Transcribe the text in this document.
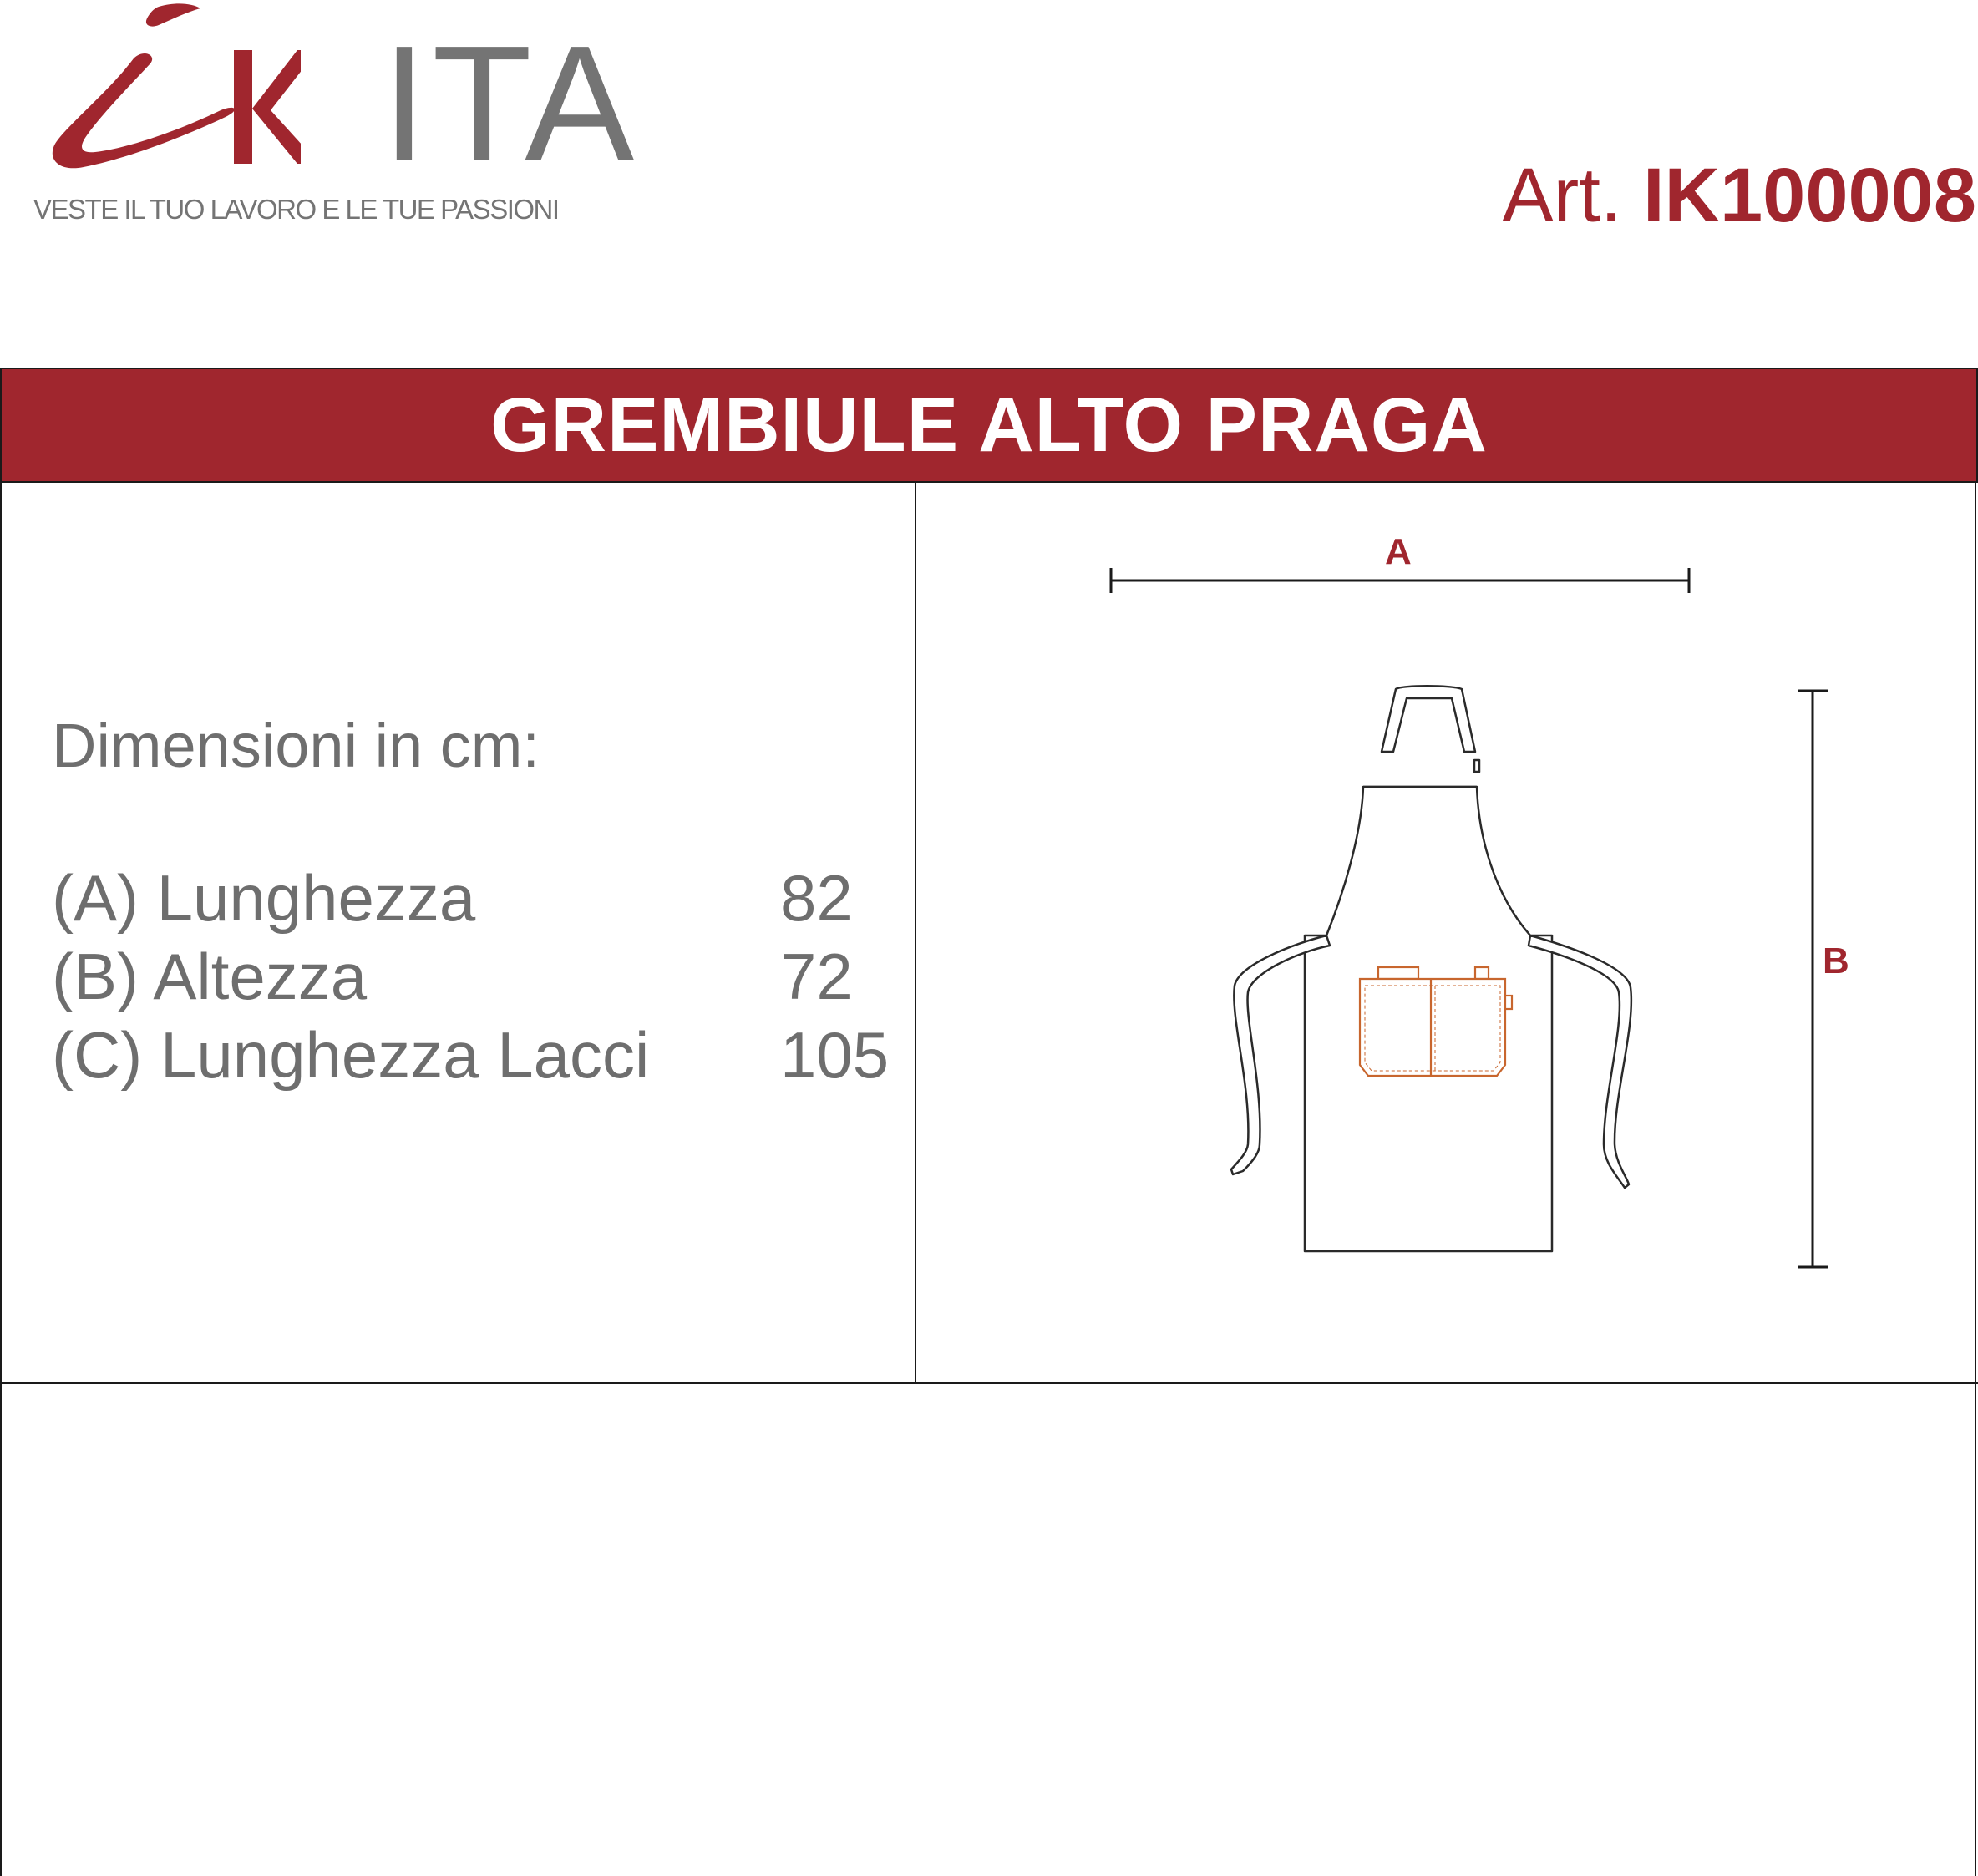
ITA
VESTE IL TUO LAVORO E LE TUE PASSIONI	Art. IK100008
GREMBIULE ALTO PRAGA
Dimensioni in cm:
(A) Lunghezza	82
(B) Altezza	72
(C) Lunghezza Lacci 105
A
B
